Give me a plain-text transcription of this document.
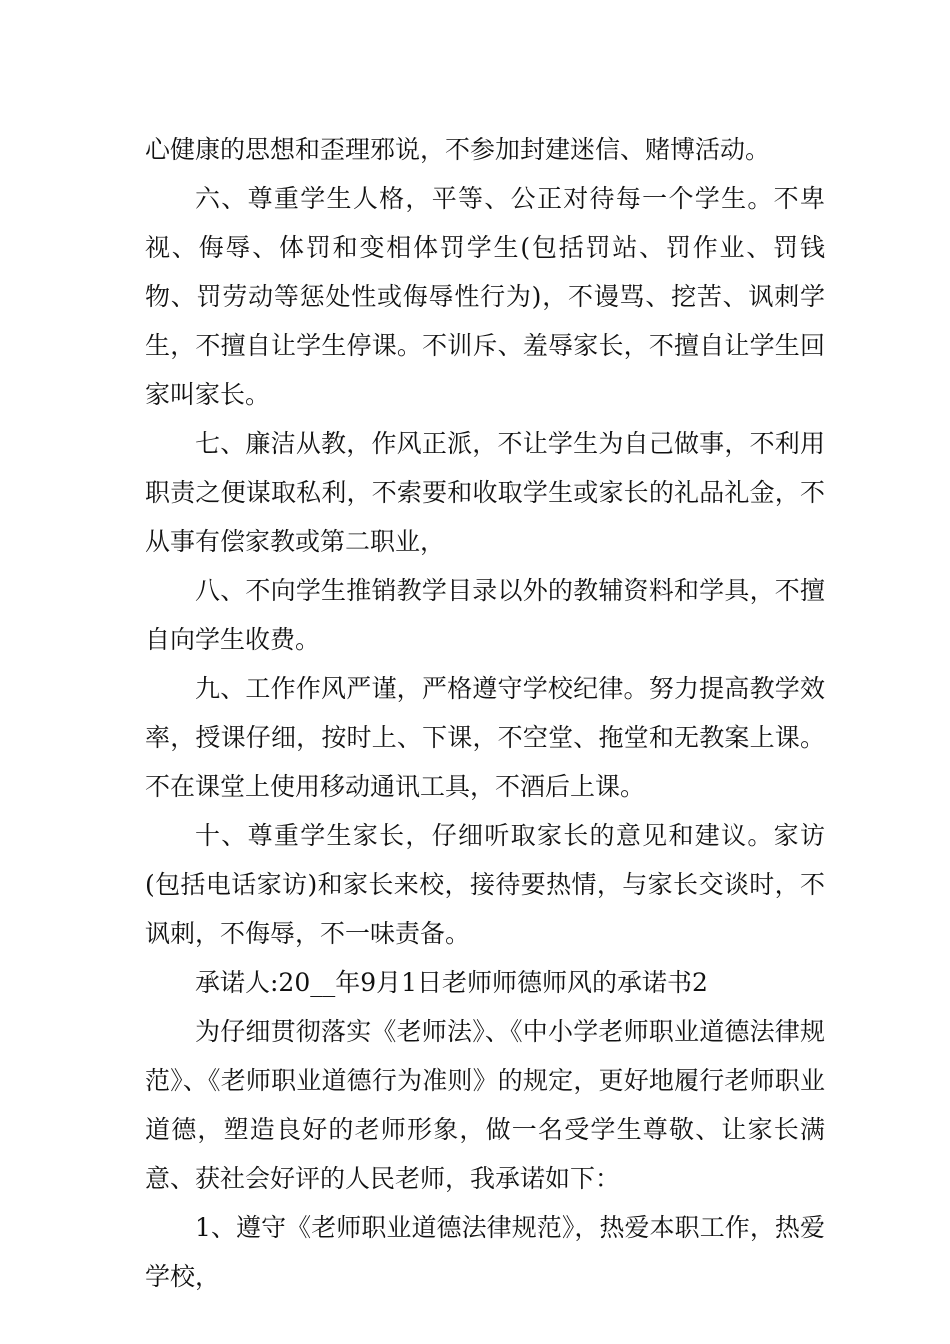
心健康的思想和歪理邪说，不参加封建迷信、赌博活动。

六、尊重学生人格，平等、公正对待每一个学生。不卑视、侮辱、体罚和变相体罚学生(包括罚站、罚作业、罚钱物、罚劳动等惩处性或侮辱性行为)，不谩骂、挖苦、讽刺学生，不擅自让学生停课。不训斥、羞辱家长，不擅自让学生回家叫家长。

七、廉洁从教，作风正派，不让学生为自己做事，不利用职责之便谋取私利，不索要和收取学生或家长的礼品礼金，不从事有偿家教或第二职业，

八、不向学生推销教学目录以外的教辅资料和学具，不擅自向学生收费。

九、工作作风严谨，严格遵守学校纪律。努力提高教学效率，授课仔细，按时上、下课，不空堂、拖堂和无教案上课。不在课堂上使用移动通讯工具，不酒后上课。

十、尊重学生家长，仔细听取家长的意见和建议。家访(包括电话家访)和家长来校，接待要热情，与家长交谈时，不讽刺，不侮辱，不一味责备。

承诺人:20__年9月1日老师师德师风的承诺书2

为仔细贯彻落实《老师法》、《中小学老师职业道德法律规范》、《老师职业道德行为准则》的规定，更好地履行老师职业道德，塑造良好的老师形象，做一名受学生尊敬、让家长满意、获社会好评的人民老师，我承诺如下：

1、遵守《老师职业道德法律规范》，热爱本职工作，热爱学校，
